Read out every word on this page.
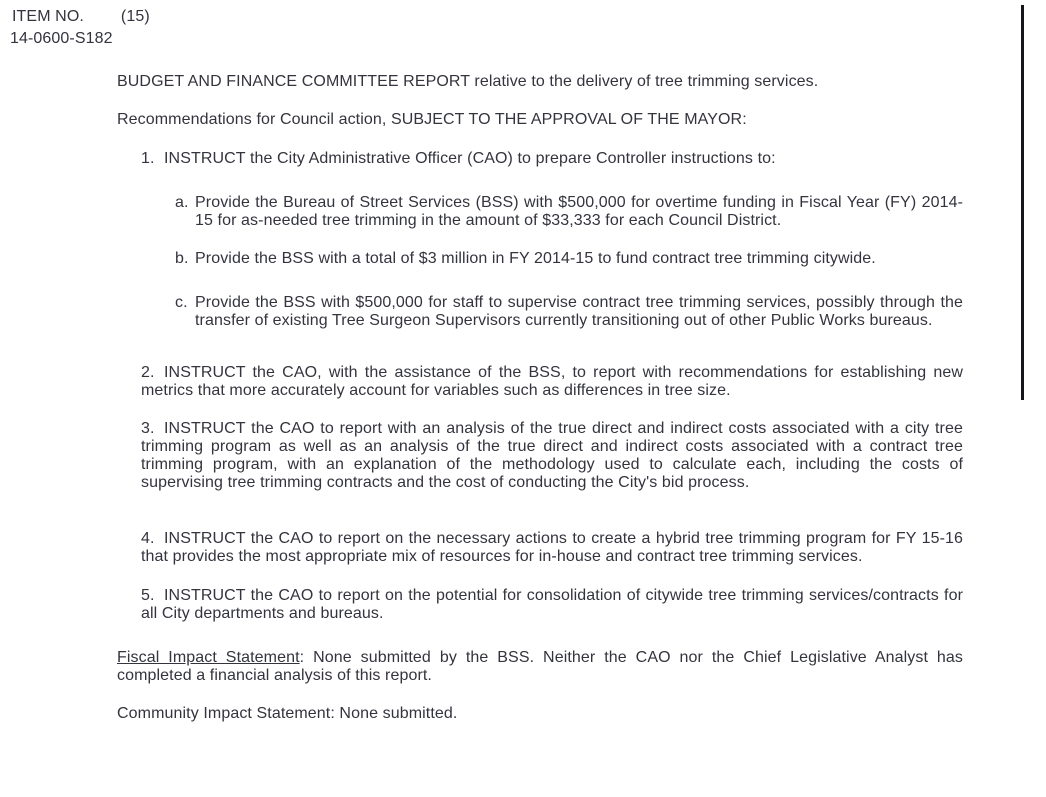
ITEM NO. (15)
14-0600-S182
BUDGET AND FINANCE COMMITTEE REPORT relative to the delivery of tree trimming services.
Recommendations for Council action, SUBJECT TO THE APPROVAL OF THE MAYOR:
1. INSTRUCT the City Administrative Officer (CAO) to prepare Controller instructions to:
a. Provide the Bureau of Street Services (BSS) with $500,000 for overtime funding in Fiscal Year (FY) 2014-15 for as-needed tree trimming in the amount of $33,333 for each Council District.
b. Provide the BSS with a total of $3 million in FY 2014-15 to fund contract tree trimming citywide.
c. Provide the BSS with $500,000 for staff to supervise contract tree trimming services, possibly through the transfer of existing Tree Surgeon Supervisors currently transitioning out of other Public Works bureaus.
2. INSTRUCT the CAO, with the assistance of the BSS, to report with recommendations for establishing new metrics that more accurately account for variables such as differences in tree size.
3. INSTRUCT the CAO to report with an analysis of the true direct and indirect costs associated with a city tree trimming program as well as an analysis of the true direct and indirect costs associated with a contract tree trimming program, with an explanation of the methodology used to calculate each, including the costs of supervising tree trimming contracts and the cost of conducting the City's bid process.
4. INSTRUCT the CAO to report on the necessary actions to create a hybrid tree trimming program for FY 15-16 that provides the most appropriate mix of resources for in-house and contract tree trimming services.
5. INSTRUCT the CAO to report on the potential for consolidation of citywide tree trimming services/contracts for all City departments and bureaus.
Fiscal Impact Statement: None submitted by the BSS. Neither the CAO nor the Chief Legislative Analyst has completed a financial analysis of this report.
Community Impact Statement: None submitted.
